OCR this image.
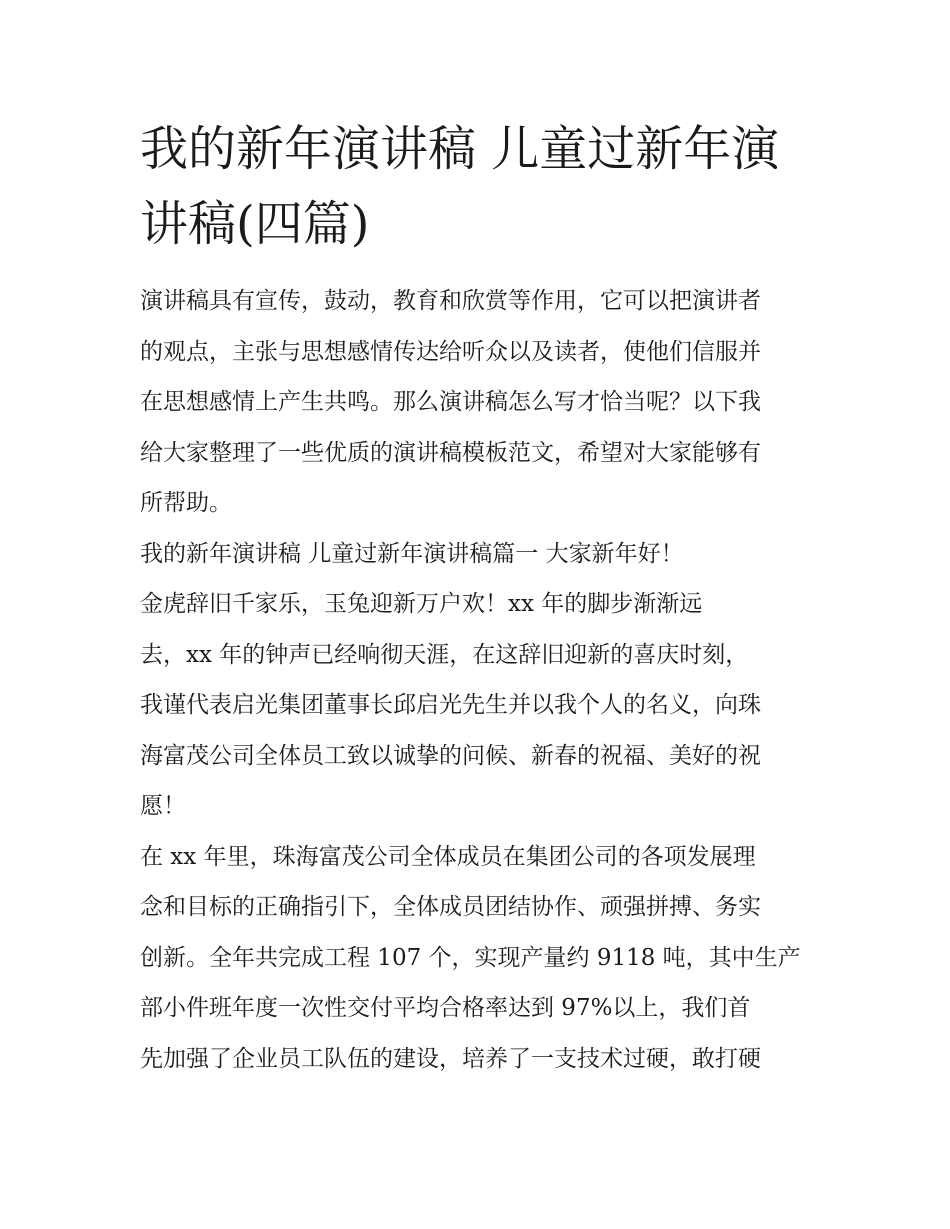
我的新年演讲稿 儿童过新年演
讲稿(四篇)
演讲稿具有宣传，鼓动，教育和欣赏等作用，它可以把演讲者
的观点，主张与思想感情传达给听众以及读者，使他们信服并
在思想感情上产生共鸣。那么演讲稿怎么写才恰当呢？以下我
给大家整理了一些优质的演讲稿模板范文，希望对大家能够有
所帮助。
我的新年演讲稿 儿童过新年演讲稿篇一 大家新年好！
金虎辞旧千家乐，玉兔迎新万户欢！xx 年的脚步渐渐远
去，xx 年的钟声已经响彻天涯，在这辞旧迎新的喜庆时刻，
我谨代表启光集团董事长邱启光先生并以我个人的名义，向珠
海富茂公司全体员工致以诚挚的问候、新春的祝福、美好的祝
愿！
在 xx 年里，珠海富茂公司全体成员在集团公司的各项发展理
念和目标的正确指引下，全体成员团结协作、顽强拼搏、务实
创新。全年共完成工程 107 个，实现产量约 9118 吨，其中生产
部小件班年度一次性交付平均合格率达到 97%以上，我们首
先加强了企业员工队伍的建设，培养了一支技术过硬，敢打硬
